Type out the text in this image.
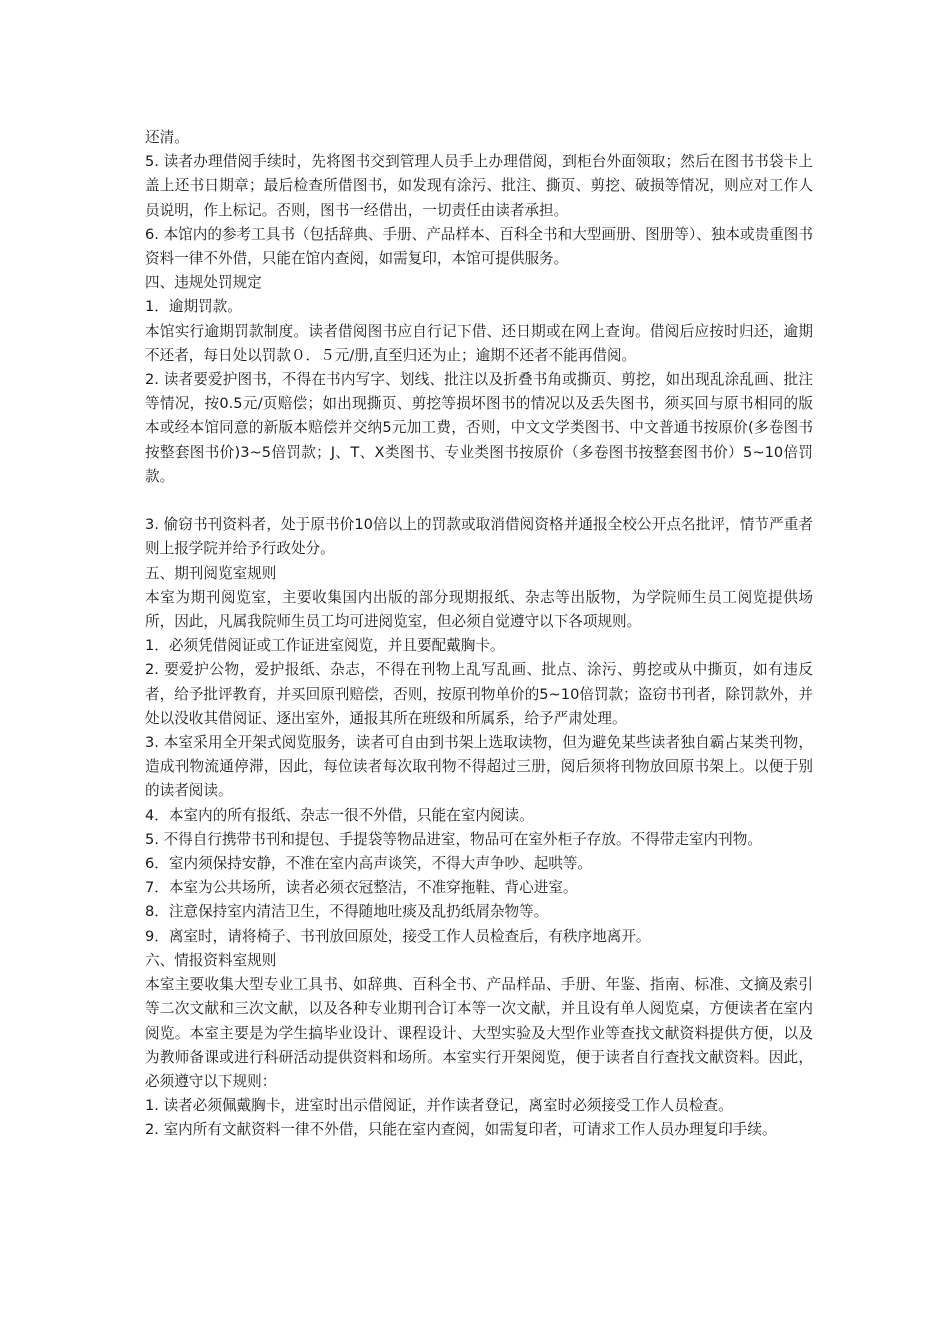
还清。

5. 读者办理借阅手续时，先将图书交到管理人员手上办理借阅，到柜台外面领取；然后在图书书袋卡上盖上还书日期章；最后检查所借图书，如发现有涂污、批注、撕页、剪挖、破损等情况，则应对工作人员说明，作上标记。否则，图书一经借出，一切责任由读者承担。

6. 本馆内的参考工具书（包括辞典、手册、产品样本、百科全书和大型画册、图册等）、独本或贵重图书资料一律不外借，只能在馆内查阅，如需复印，本馆可提供服务。

四、违规处罚规定

1．逾期罚款。

本馆实行逾期罚款制度。读者借阅图书应自行记下借、还日期或在网上查询。借阅后应按时归还，逾期不还者，每日处以罚款０．５元/册,直至归还为止；逾期不还者不能再借阅。

2. 读者要爱护图书，不得在书内写字、划线、批注以及折叠书角或撕页、剪挖，如出现乱涂乱画、批注等情况，按0.5元/页赔偿；如出现撕页、剪挖等损坏图书的情况以及丢失图书，须买回与原书相同的版本或经本馆同意的新版本赔偿并交纳5元加工费，否则，中文文学类图书、中文普通书按原价(多卷图书按整套图书价)3~5倍罚款；J、T、X类图书、专业类图书按原价（多卷图书按整套图书价）5~10倍罚款。

3. 偷窃书刊资料者，处于原书价10倍以上的罚款或取消借阅资格并通报全校公开点名批评，情节严重者则上报学院并给予行政处分。

五、期刊阅览室规则

本室为期刊阅览室，主要收集国内出版的部分现期报纸、杂志等出版物，为学院师生员工阅览提供场所，因此，凡属我院师生员工均可进阅览室，但必须自觉遵守以下各项规则。

1．必须凭借阅证或工作证进室阅览，并且要配戴胸卡。

2. 要爱护公物，爱护报纸、杂志，不得在刊物上乱写乱画、批点、涂污、剪挖或从中撕页，如有违反者，给予批评教育，并买回原刊赔偿，否则，按原刊物单价的5~10倍罚款；盗窃书刊者，除罚款外，并处以没收其借阅证、逐出室外，通报其所在班级和所属系，给予严肃处理。

3. 本室采用全开架式阅览服务，读者可自由到书架上选取读物，但为避免某些读者独自霸占某类刊物，造成刊物流通停滞，因此，每位读者每次取刊物不得超过三册，阅后须将刊物放回原书架上。以便于别的读者阅读。

4．本室内的所有报纸、杂志一很不外借，只能在室内阅读。

5. 不得自行携带书刊和提包、手提袋等物品进室，物品可在室外柜子存放。不得带走室内刊物。

6．室内须保持安静，不准在室内高声谈笑，不得大声争吵、起哄等。

7．本室为公共场所，读者必须衣冠整洁，不准穿拖鞋、背心进室。

8．注意保持室内清洁卫生，不得随地吐痰及乱扔纸屑杂物等。

9．离室时，请将椅子、书刊放回原处，接受工作人员检查后，有秩序地离开。

六、情报资料室规则

本室主要收集大型专业工具书、如辞典、百科全书、产品样品、手册、年鉴、指南、标准、文摘及索引等二次文献和三次文献，以及各种专业期刊合订本等一次文献，并且设有单人阅览桌，方便读者在室内阅览。本室主要是为学生搞毕业设计、课程设计、大型实验及大型作业等查找文献资料提供方便，以及为教师备课或进行科研活动提供资料和场所。本室实行开架阅览，便于读者自行查找文献资料。因此，必须遵守以下规则：

1. 读者必须佩戴胸卡，进室时出示借阅证，并作读者登记，离室时必须接受工作人员检查。

2. 室内所有文献资料一律不外借，只能在室内查阅，如需复印者，可请求工作人员办理复印手续。
